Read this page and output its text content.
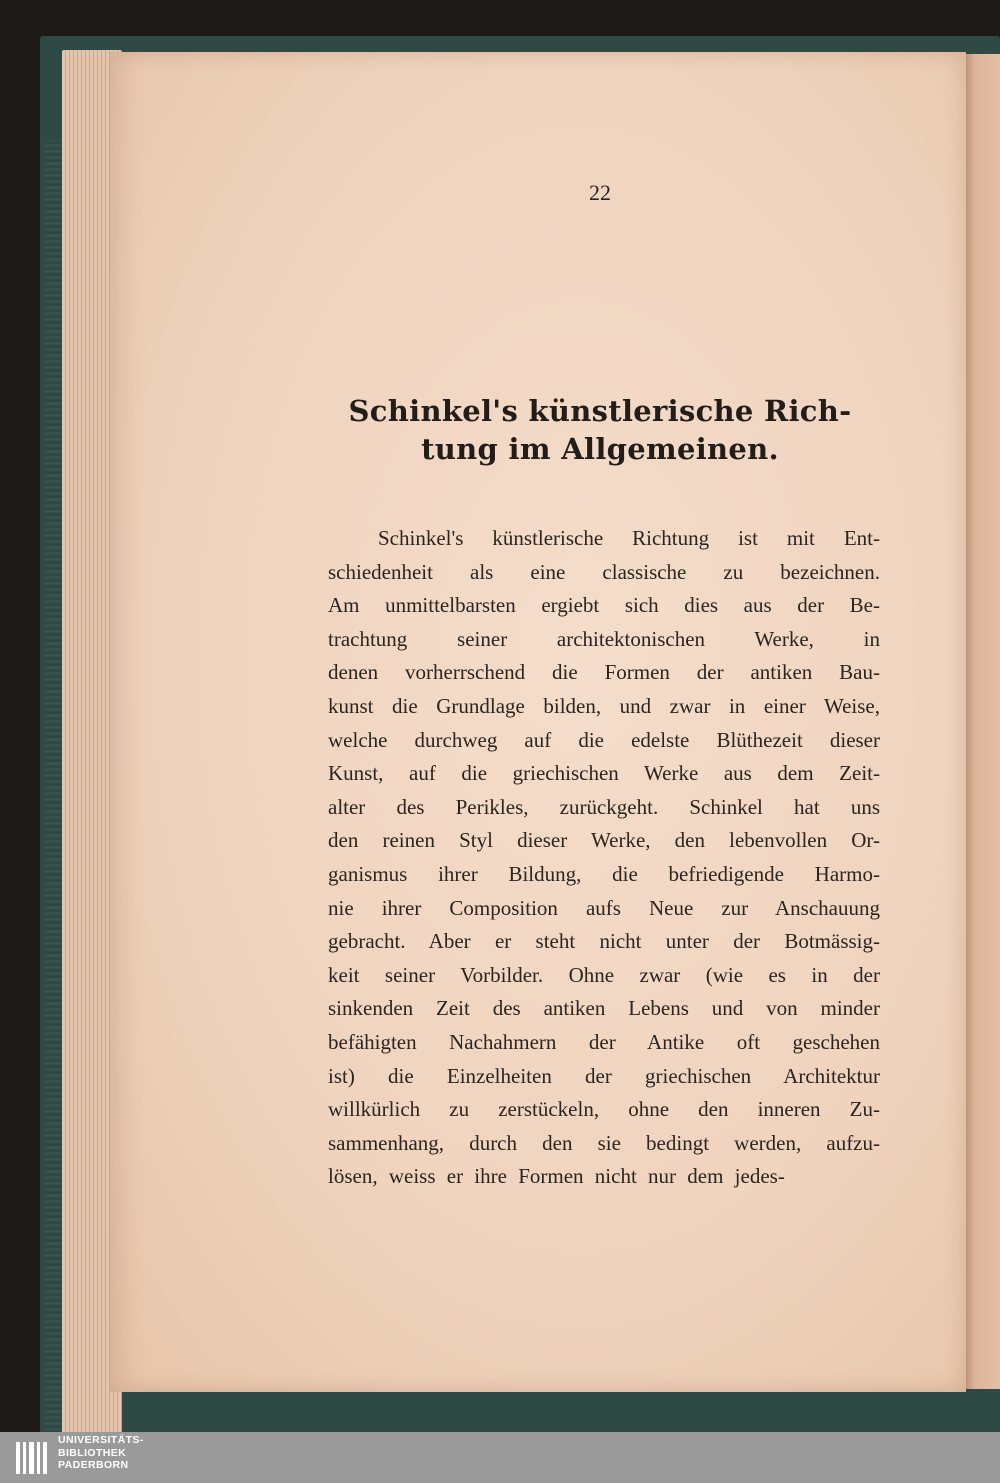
22
Schinkel's künstlerische Rich-
tung im Allgemeinen.
Schinkel's künstlerische Richtung ist mit Ent-
schiedenheit als eine classische zu bezeichnen.
Am unmittelbarsten ergiebt sich dies aus der Be-
trachtung seiner architektonischen Werke, in
denen vorherrschend die Formen der antiken Bau-
kunst die Grundlage bilden, und zwar in einer Weise,
welche durchweg auf die edelste Blüthezeit dieser
Kunst, auf die griechischen Werke aus dem Zeit-
alter des Perikles, zurückgeht. Schinkel hat uns
den reinen Styl dieser Werke, den lebenvollen Or-
ganismus ihrer Bildung, die befriedigende Harmo-
nie ihrer Composition aufs Neue zur Anschauung
gebracht. Aber er steht nicht unter der Botmässig-
keit seiner Vorbilder. Ohne zwar (wie es in der
sinkenden Zeit des antiken Lebens und von minder
befähigten Nachahmern der Antike oft geschehen
ist) die Einzelheiten der griechischen Architektur
willkürlich zu zerstückeln, ohne den inneren Zu-
sammenhang, durch den sie bedingt werden, aufzu-
lösen, weiss er ihre Formen nicht nur dem jedes-
UNIVERSITÄTS-
BIBLIOTHEK
PADERBORN
